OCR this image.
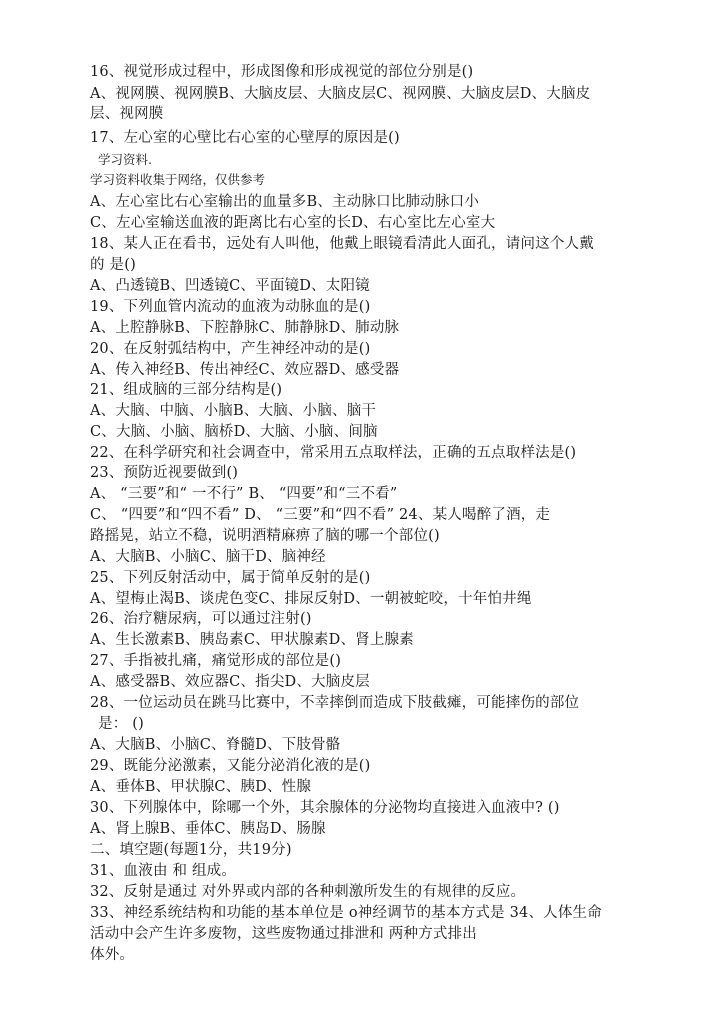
16、视觉形成过程中，形成图像和形成视觉的部位分别是()
A、视网膜、视网膜B、大脑皮层、大脑皮层C、视网膜、大脑皮层D、大脑皮
层、视网膜
17、左心室的心壁比右心室的心壁厚的原因是()
学习资料.
学习资料收集于网络，仅供参考
A、左心室比右心室输出的血量多B、主动脉口比肺动脉口小
C、左心室输送血液的距离比右心室的长D、右心室比左心室大
18、某人正在看书，远处有人叫他，他戴上眼镜看清此人面孔，请问这个人戴
的 是()
A、凸透镜B、凹透镜C、平面镜D、太阳镜
19、下列血管内流动的血液为动脉血的是()
A、上腔静脉B、下腔静脉C、肺静脉D、肺动脉
20、在反射弧结构中，产生神经冲动的是()
A、传入神经B、传出神经C、效应器D、感受器
21、组成脑的三部分结构是()
A、大脑、中脑、小脑B、大脑、小脑、脑干
C、大脑、小脑、脑桥D、大脑、小脑、间脑
22、在科学研究和社会调查中，常采用五点取样法，正确的五点取样法是()
23、预防近视要做到()
A、 “三要”和“ 一不行” B、 “四要”和“三不看”
C、 “四要”和“四不看” D、 “三要”和“四不看” 24、某人喝醉了酒，走
路摇晃，站立不稳，说明酒精麻痹了脑的哪一个部位()
A、大脑B、小脑C、脑干D、脑神经
25、下列反射活动中，属于简单反射的是()
A、望梅止渴B、谈虎色变C、排尿反射D、一朝被蛇咬，十年怕井绳
26、治疗糖尿病，可以通过注射()
A、生长激素B、胰岛素C、甲状腺素D、肾上腺素
27、手指被扎痛，痛觉形成的部位是()
A、感受器B、效应器C、指尖D、大脑皮层
28、一位运动员在跳马比赛中，不幸摔倒而造成下肢截瘫，可能摔伤的部位
是： ()
A、大脑B、小脑C、脊髓D、下肢骨骼
29、既能分泌激素，又能分泌消化液的是()
A、垂体B、甲状腺C、胰D、性腺
30、下列腺体中，除哪一个外，其余腺体的分泌物均直接进入血液中? ()
A、肾上腺B、垂体C、胰岛D、肠腺
二、填空题(每题1分，共19分)
31、血液由 和 组成。
32、反射是通过 对外界或内部的各种刺激所发生的有规律的反应。
33、神经系统结构和功能的基本单位是 o神经调节的基本方式是 34、人体生命
活动中会产生许多废物，这些废物通过排泄和 两种方式排出
体外。
